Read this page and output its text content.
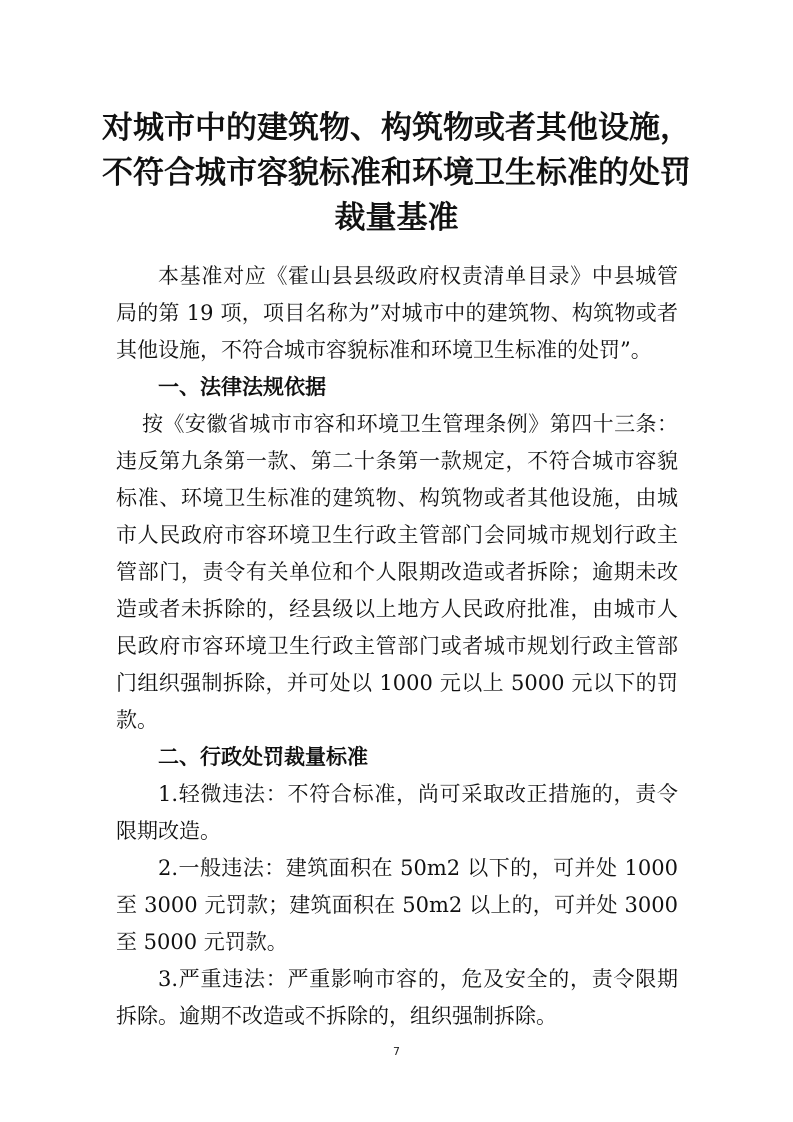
对城市中的建筑物、构筑物或者其他设施，
不符合城市容貌标准和环境卫生标准的处罚
裁量基准

本基准对应《霍山县县级政府权责清单目录》中县城管局的第 19 项，项目名称为”对城市中的建筑物、构筑物或者其他设施，不符合城市容貌标准和环境卫生标准的处罚”。

一、法律法规依据

按《安徽省城市市容和环境卫生管理条例》第四十三条：违反第九条第一款、第二十条第一款规定，不符合城市容貌标准、环境卫生标准的建筑物、构筑物或者其他设施，由城市人民政府市容环境卫生行政主管部门会同城市规划行政主管部门，责令有关单位和个人限期改造或者拆除；逾期未改造或者未拆除的，经县级以上地方人民政府批准，由城市人民政府市容环境卫生行政主管部门或者城市规划行政主管部门组织强制拆除，并可处以 1000 元以上 5000 元以下的罚款。

二、行政处罚裁量标准

1.轻微违法：不符合标准，尚可采取改正措施的，责令限期改造。

2.一般违法：建筑面积在 50m2 以下的，可并处 1000 至 3000 元罚款；建筑面积在 50m2 以上的，可并处 3000 至 5000 元罚款。

3.严重违法：严重影响市容的，危及安全的，责令限期拆除。逾期不改造或不拆除的，组织强制拆除。

7
